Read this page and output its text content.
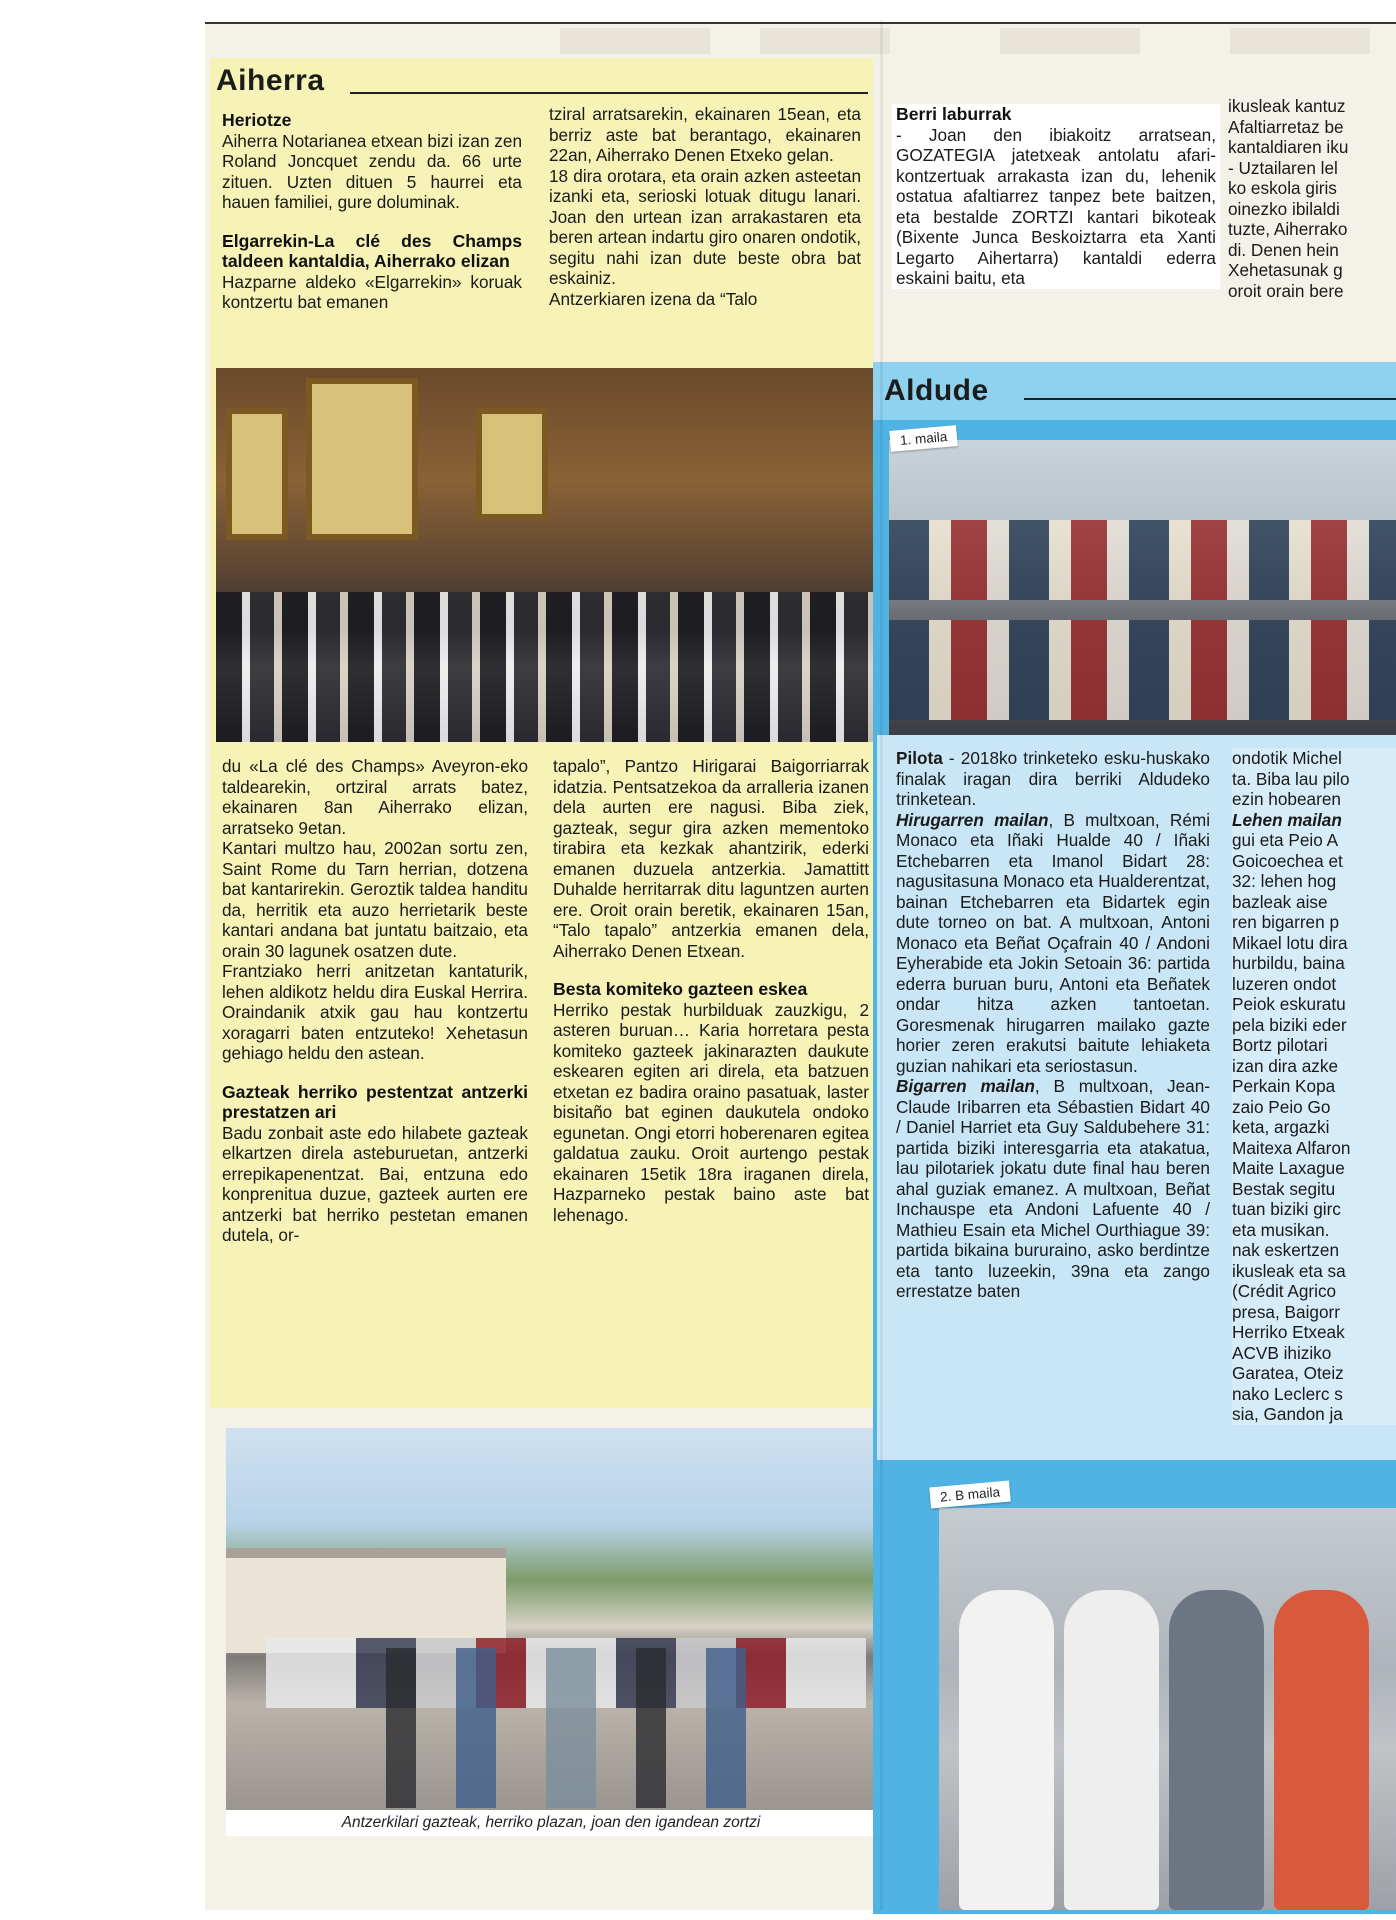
Aiherra

Heriotze

Aiherra Notarianea etxean bizi izan zen Roland Joncquet zendu da. 66 urte zituen. Uzten dituen 5 haurrei eta hauen familiei, gure doluminak.

Elgarrekin-La clé des Champs taldeen kantaldia, Aiherrako elizan

Hazparne aldeko «Elgarrekin» koruak kontzertu bat emanen

tziral arratsarekin, ekainaren 15ean, eta berriz aste bat berantago, ekainaren 22an, Aiherrako Denen Etxeko gelan.

18 dira orotara, eta orain azken asteetan izanki eta, serioski lotuak ditugu lanari. Joan den urtean izan arrakastaren eta beren artean indartu giro onaren ondotik, segitu nahi izan dute beste obra bat eskainiz.

Antzerkiaren izena da “Talo

du «La clé des Champs» Aveyron-eko taldearekin, ortziral arrats batez, ekainaren 8an Aiherrako elizan, arratseko 9etan.

Kantari multzo hau, 2002an sortu zen, Saint Rome du Tarn herrian, dotzena bat kantarirekin. Geroztik taldea handitu da, herritik eta auzo herrietarik beste kantari andana bat juntatu baitzaio, eta orain 30 lagunek osatzen dute.

Frantziako herri anitzetan kantaturik, lehen aldikotz heldu dira Euskal Herrira. Oraindanik atxik gau hau kontzertu xoragarri baten entzuteko! Xehetasun gehiago heldu den astean.

Gazteak herriko pestentzat antzerki prestatzen ari

Badu zonbait aste edo hilabete gazteak elkartzen direla asteburuetan, antzerki errepikapenentzat. Bai, entzuna edo konprenitua duzue, gazteek aurten ere antzerki bat herriko pestetan emanen dutela, or-

tapalo”, Pantzo Hirigarai Baigorriarrak idatzia. Pentsatzekoa da arralleria izanen dela aurten ere nagusi. Biba ziek, gazteak, segur gira azken mementoko tirabira eta kezkak ahantzirik, ederki emanen duzuela antzerkia. Jamattitt Duhalde herritarrak ditu laguntzen aurten ere. Oroit orain beretik, ekainaren 15an, “Talo tapalo” antzerkia emanen dela, Aiherrako Denen Etxean.

Besta komiteko gazteen eskea

Herriko pestak hurbilduak zauzkigu, 2 asteren buruan… Karia horretara pesta komiteko gazteek jakinarazten daukute eskearen egiten ari direla, eta batzuen etxetan ez badira oraino pasatuak, laster bisitaño bat eginen daukutela ondoko egunetan. Ongi etorri hoberenaren egitea galdatua zauku. Oroit aurtengo pestak ekainaren 15etik 18ra iraganen direla, Hazparneko pestak baino aste bat lehenago.

Berri laburrak

- Joan den ibiakoitz arratsean, GOZATEGIA jatetxeak antolatu afari-kontzertuak arrakasta izan du, lehenik ostatua afaltiarrez tanpez bete baitzen, eta bestalde ZORTZI kantari bikoteak (Bixente Junca Beskoiztarra eta Xanti Legarto Aihertarra) kantaldi ederra eskaini baitu, eta

ikusleak kantuz

Afaltiarretaz be

kantaldiaren iku

- Uztailaren lel

ko eskola giris

oinezko ibilaldi

tuzte, Aiherrako

di. Denen hein

Xehetasunak g

oroit orain bere

Antzerkilari gazteak, herriko plazan, joan den igandean zortzi
Aldude
1. maila

Pilota - 2018ko trinketeko esku-huskako finalak iragan dira berriki Aldudeko trinketean.

Hirugarren mailan, B multxoan, Rémi Monaco eta Iñaki Hualde 40 / Iñaki Etchebarren eta Imanol Bidart 28: nagusitasuna Monaco eta Hualderentzat, bainan Etchebarren eta Bidartek egin dute torneo on bat. A multxoan, Antoni Monaco eta Beñat Oçafrain 40 / Andoni Eyherabide eta Jokin Setoain 36: partida ederra buruan buru, Antoni eta Beñatek ondar hitza azken tantoetan. Goresmenak hirugarren mailako gazte horier zeren erakutsi baitute lehiaketa guzian nahikari eta seriostasun.

Bigarren mailan, B multxoan, Jean-Claude Iribarren eta Sébastien Bidart 40 / Daniel Harriet eta Guy Saldubehere 31: partida biziki interesgarria eta atakatua, lau pilotariek jokatu dute final hau beren ahal guziak emanez. A multxoan, Beñat Inchauspe eta Andoni Lafuente 40 / Mathieu Esain eta Michel Ourthiague 39: partida bikaina bururaino, asko berdintze eta tanto luzeekin, 39na eta zango errestatze baten

ondotik Michel

ta. Biba lau pilo

ezin hobearen

Lehen mailan

gui eta Peio A

Goicoechea et

32: lehen hog

bazleak aise

ren bigarren p

Mikael lotu dira

hurbildu, baina

luzeren ondot

Peiok eskuratu

pela biziki eder

Bortz pilotari

izan dira azke

Perkain Kopa

zaio Peio Go

keta, argazki

Maitexa Alfaron

Maite Laxague

Bestak segitu

tuan biziki girc

eta musikan.

nak eskertzen

ikusleak eta sa

(Crédit Agrico

presa, Baigorr

Herriko Etxeak

ACVB ihiziko

Garatea, Oteiz

nako Leclerc s

sia, Gandon ja

2. B maila
